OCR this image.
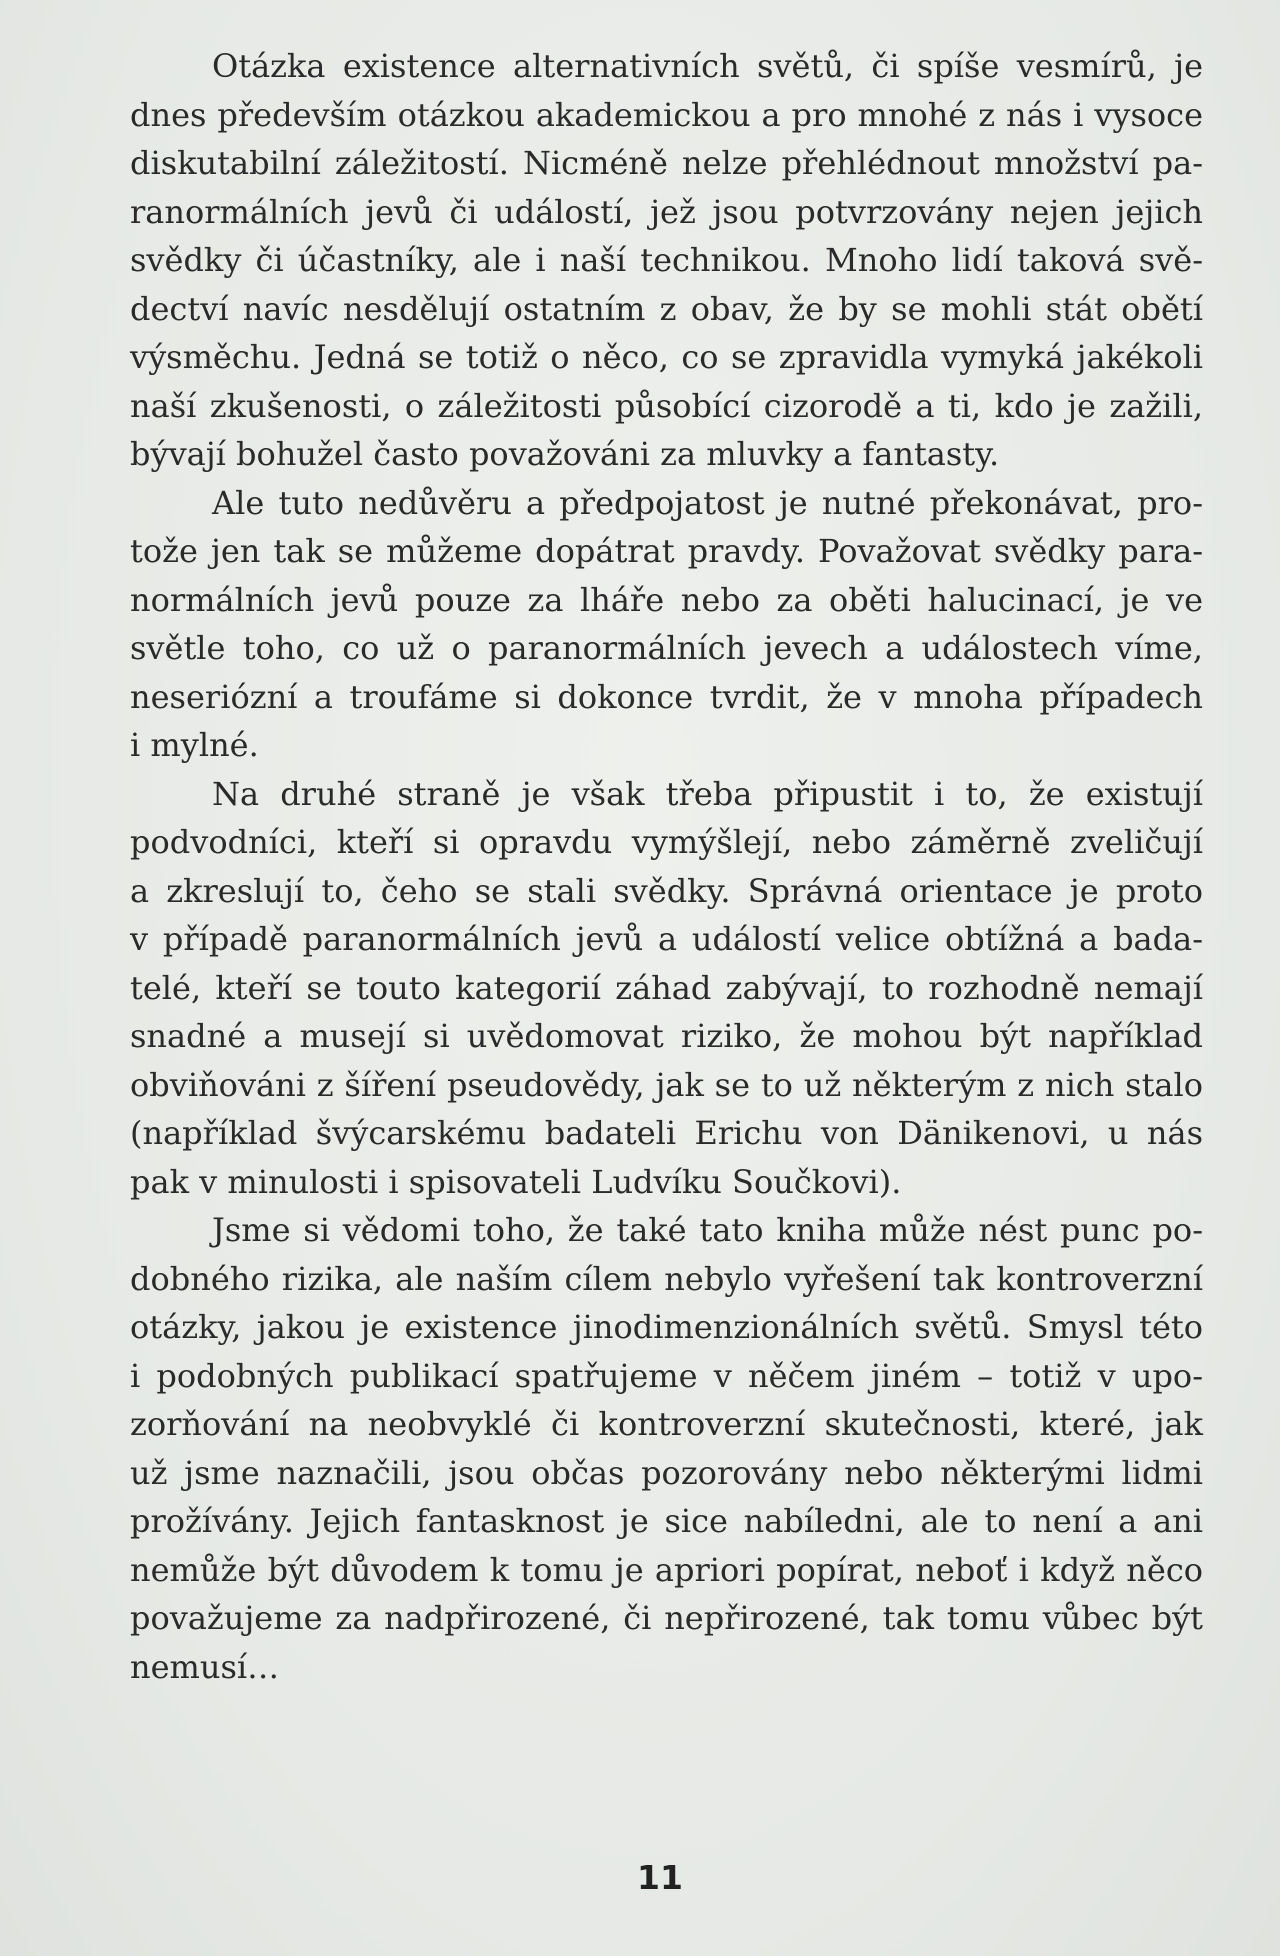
Otázka existence alternativních světů, či spíše vesmírů, je
dnes především otázkou akademickou a pro mnohé z nás i vysoce
diskutabilní záležitostí. Nicméně nelze přehlédnout množství pa-
ranormálních jevů či událostí, jež jsou potvrzovány nejen jejich
svědky či účastníky, ale i naší technikou. Mnoho lidí taková svě-
dectví navíc nesdělují ostatním z obav, že by se mohli stát obětí
výsměchu. Jedná se totiž o něco, co se zpravidla vymyká jakékoli
naší zkušenosti, o záležitosti působící cizorodě a ti, kdo je zažili,
bývají bohužel často považováni za mluvky a fantasty.
Ale tuto nedůvěru a předpojatost je nutné překonávat, pro-
tože jen tak se můžeme dopátrat pravdy. Považovat svědky para-
normálních jevů pouze za lháře nebo za oběti halucinací, je ve
světle toho, co už o paranormálních jevech a událostech víme,
neseriózní a troufáme si dokonce tvrdit, že v mnoha případech
i mylné.
Na druhé straně je však třeba připustit i to, že existují
podvodníci, kteří si opravdu vymýšlejí, nebo záměrně zveličují
a zkreslují to, čeho se stali svědky. Správná orientace je proto
v případě paranormálních jevů a událostí velice obtížná a bada-
telé, kteří se touto kategorií záhad zabývají, to rozhodně nemají
snadné a musejí si uvědomovat riziko, že mohou být například
obviňováni z šíření pseudovědy, jak se to už některým z nich stalo
(například švýcarskému badateli Erichu von Dänikenovi, u nás
pak v minulosti i spisovateli Ludvíku Součkovi).
Jsme si vědomi toho, že také tato kniha může nést punc po-
dobného rizika, ale naším cílem nebylo vyřešení tak kontroverzní
otázky, jakou je existence jinodimenzionálních světů. Smysl této
i podobných publikací spatřujeme v něčem jiném – totiž v upo-
zorňování na neobvyklé či kontroverzní skutečnosti, které, jak
už jsme naznačili, jsou občas pozorovány nebo některými lidmi
prožívány. Jejich fantasknost je sice nabíledni, ale to není a ani
nemůže být důvodem k tomu je apriori popírat, neboť i když něco
považujeme za nadpřirozené, či nepřirozené, tak tomu vůbec být
nemusí…
11
